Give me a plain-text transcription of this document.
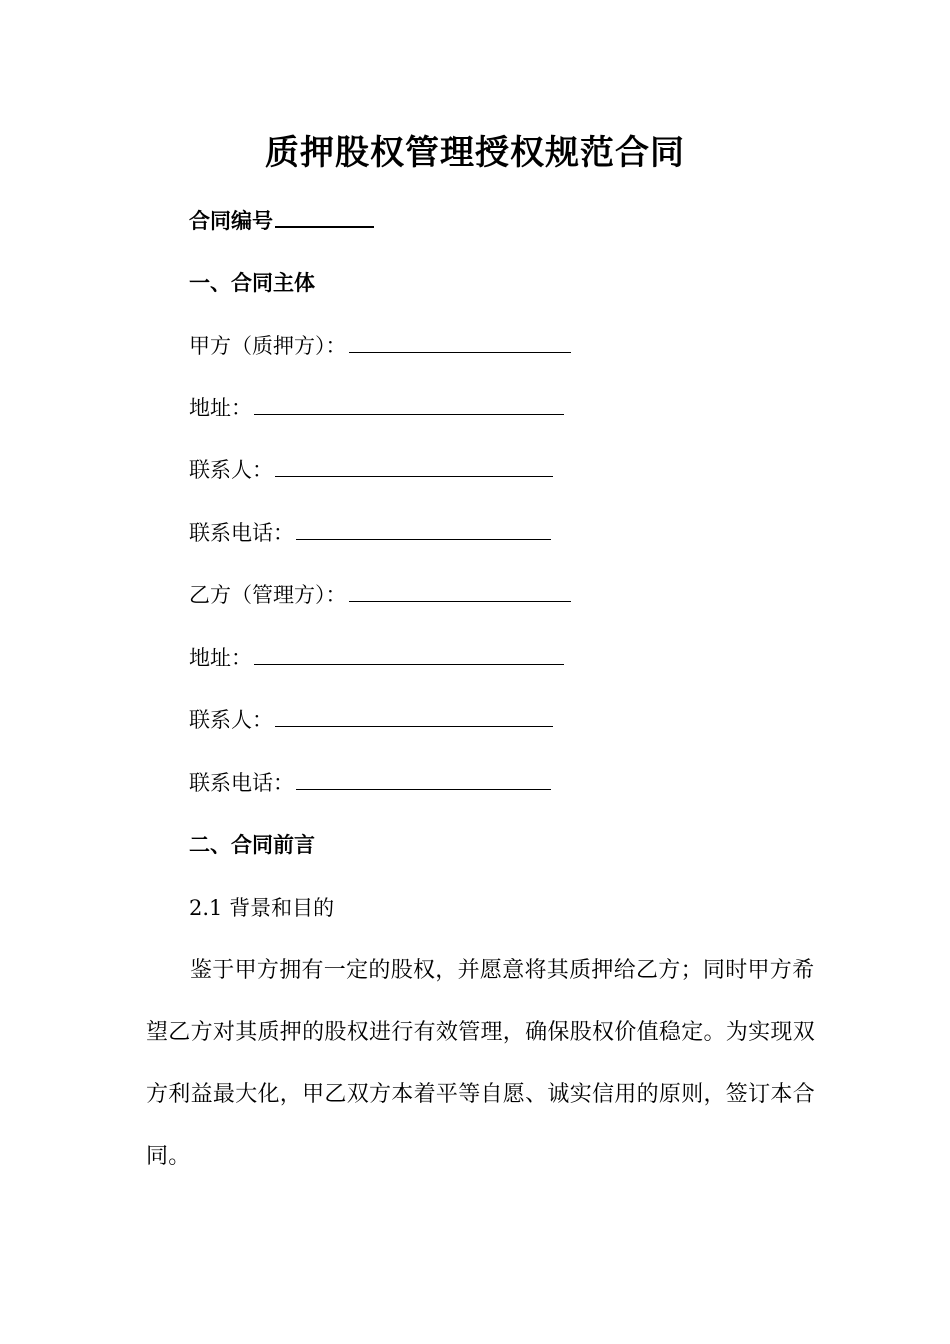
质押股权管理授权规范合同
合同编号
一、合同主体
甲方（质押方）：
地址：
联系人：
联系电话：
乙方（管理方）：
地址：
联系人：
联系电话：
二、合同前言
2.1 背景和目的
鉴于甲方拥有一定的股权，并愿意将其质押给乙方；同时甲方希望乙方对其质押的股权进行有效管理，确保股权价值稳定。为实现双方利益最大化，甲乙双方本着平等自愿、诚实信用的原则，签订本合同。
